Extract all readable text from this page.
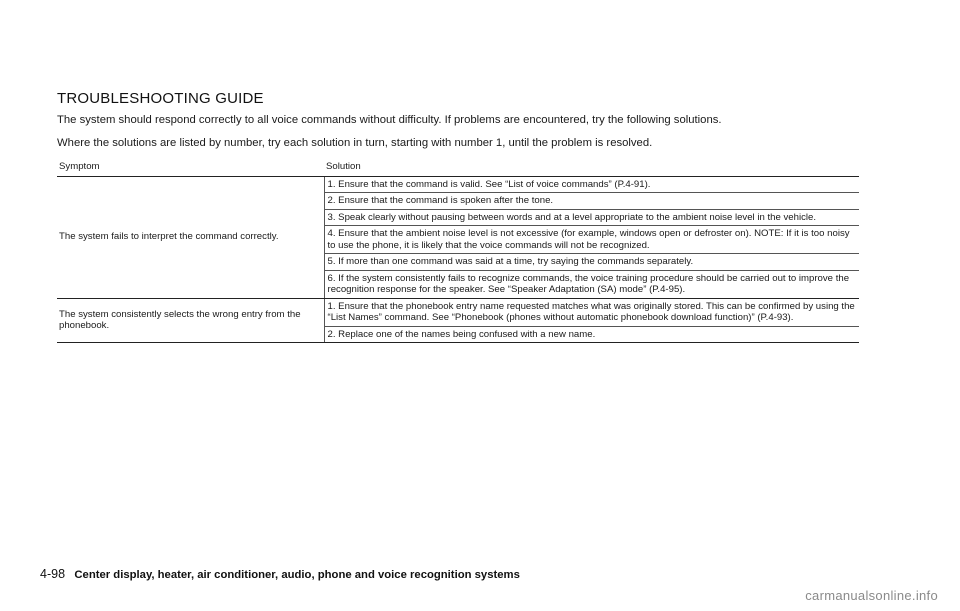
TROUBLESHOOTING GUIDE

The system should respond correctly to all voice commands without difficulty. If problems are encountered, try the following solutions.

Where the solutions are listed by number, try each solution in turn, starting with number 1, until the problem is resolved.

Symptom	Solution
The system fails to interpret the command correctly.	1. Ensure that the command is valid. See “List of voice commands” (P.4-91).
	2. Ensure that the command is spoken after the tone.
	3. Speak clearly without pausing between words and at a level appropriate to the ambient noise level in the vehicle.
	4. Ensure that the ambient noise level is not excessive (for example, windows open or defroster on). NOTE: If it is too noisy to use the phone, it is likely that the voice commands will not be recognized.
	5. If more than one command was said at a time, try saying the commands separately.
	6. If the system consistently fails to recognize commands, the voice training procedure should be carried out to improve the recognition response for the speaker. See “Speaker Adaptation (SA) mode” (P.4-95).
The system consistently selects the wrong entry from the phonebook.	1. Ensure that the phonebook entry name requested matches what was originally stored. This can be confirmed by using the “List Names” command. See “Phonebook (phones without automatic phonebook download function)” (P.4-93).
	2. Replace one of the names being confused with a new name.
4-98 Center display, heater, air conditioner, audio, phone and voice recognition systems
carmanualsonline.info
